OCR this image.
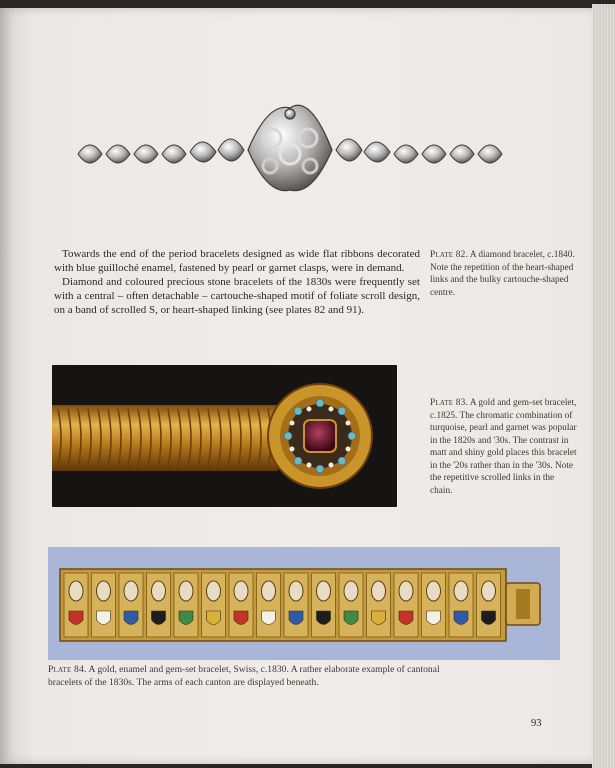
Towards the end of the period bracelets designed as wide flat ribbons decorated with blue guilloché enamel, fastened by pearl or garnet clasps, were in demand.

Diamond and coloured precious stone bracelets of the 1830s were frequently set with a central – often detachable – cartouche-shaped motif of foliate scroll design, on a band of scrolled S, or heart-shaped linking (see plates 82 and 91).

Plate 82. A diamond bracelet, c.1840. Note the repetition of the heart-shaped links and the bulky cartouche-shaped centre.
Plate 83. A gold and gem-set bracelet, c.1825. The chromatic combination of turquoise, pearl and garnet was popular in the 1820s and '30s. The contrast in matt and shiny gold places this bracelet in the '20s rather than in the '30s. Note the repetitive scrolled links in the chain.
Plate 84. A gold, enamel and gem-set bracelet, Swiss, c.1830. A rather elaborate example of cantonal bracelets of the 1830s. The arms of each canton are displayed beneath.
93
